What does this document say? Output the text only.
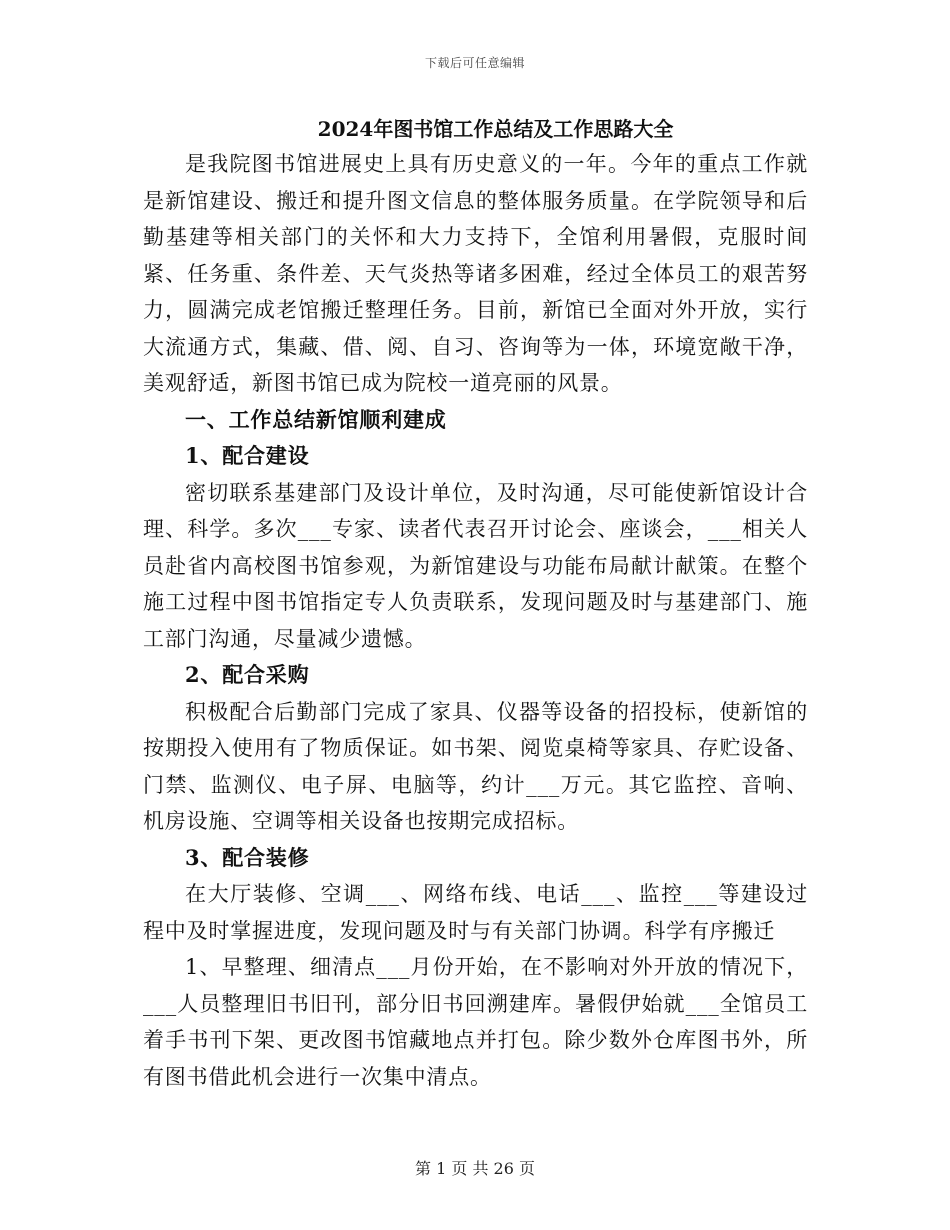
下载后可任意编辑
2024年图书馆工作总结及工作思路大全

是我院图书馆进展史上具有历史意义的一年。今年的重点工作就是新馆建设、搬迁和提升图文信息的整体服务质量。在学院领导和后勤基建等相关部门的关怀和大力支持下，全馆利用暑假，克服时间紧、任务重、条件差、天气炎热等诸多困难，经过全体员工的艰苦努力，圆满完成老馆搬迁整理任务。目前，新馆已全面对外开放，实行大流通方式，集藏、借、阅、自习、咨询等为一体，环境宽敞干净，美观舒适，新图书馆已成为院校一道亮丽的风景。

一、工作总结新馆顺利建成

1、配合建设

密切联系基建部门及设计单位，及时沟通，尽可能使新馆设计合理、科学。多次___专家、读者代表召开讨论会、座谈会，___相关人员赴省内高校图书馆参观，为新馆建设与功能布局献计献策。在整个施工过程中图书馆指定专人负责联系，发现问题及时与基建部门、施工部门沟通，尽量减少遗憾。

2、配合采购

积极配合后勤部门完成了家具、仪器等设备的招投标，使新馆的按期投入使用有了物质保证。如书架、阅览桌椅等家具、存贮设备、门禁、监测仪、电子屏、电脑等，约计___万元。其它监控、音响、机房设施、空调等相关设备也按期完成招标。

3、配合装修

在大厅装修、空调___、网络布线、电话___、监控___等建设过程中及时掌握进度，发现问题及时与有关部门协调。科学有序搬迁

1、早整理、细清点___月份开始，在不影响对外开放的情况下，___人员整理旧书旧刊，部分旧书回溯建库。暑假伊始就___全馆员工着手书刊下架、更改图书馆藏地点并打包。除少数外仓库图书外，所有图书借此机会进行一次集中清点。

第 1 页 共 26 页
